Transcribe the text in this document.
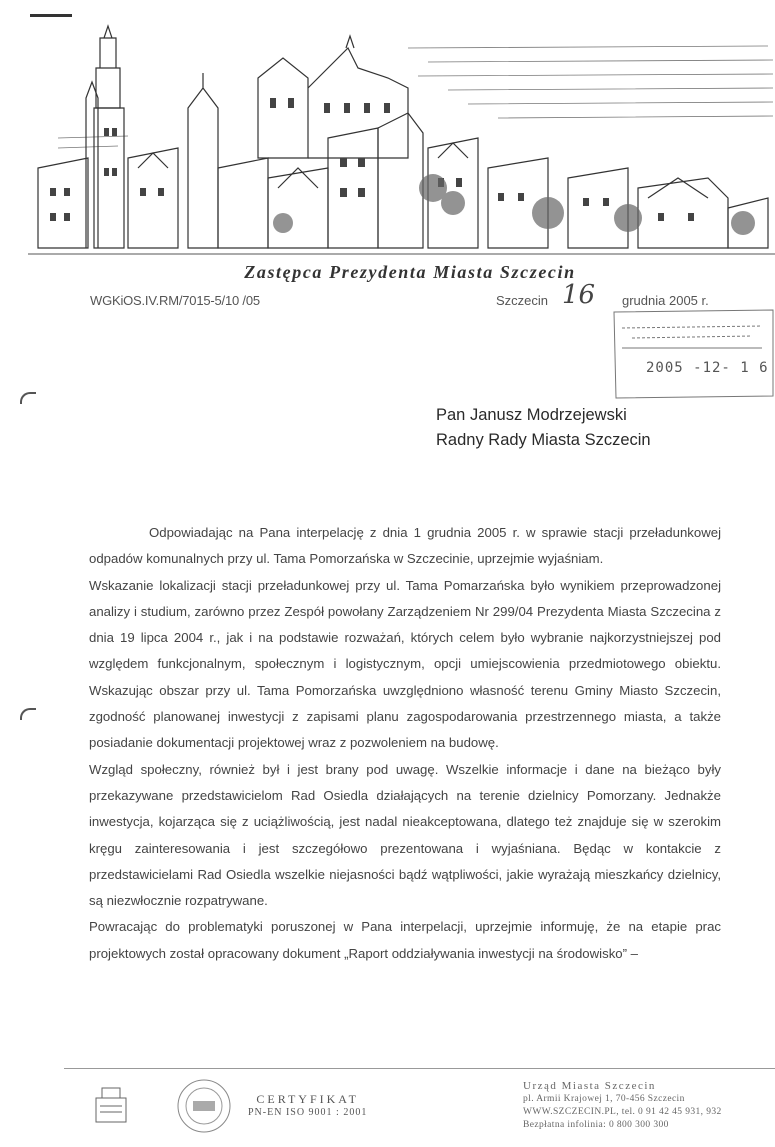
Zastępca Prezydenta Miasta Szczecin
WGKiOS.IV.RM/7015-5/10 /05	Szczecin 16 grudnia 2005 r.
2005 -12- 1 6
Pan Janusz Modrzejewski
Radny Rady Miasta Szczecin

Odpowiadając na Pana interpelację z dnia 1 grudnia 2005 r. w sprawie stacji przeładunkowej odpadów komunalnych przy ul. Tama Pomorzańska w Szczecinie, uprzejmie wyjaśniam.

Wskazanie lokalizacji stacji przeładunkowej przy ul. Tama Pomarzańska było wynikiem przeprowadzonej analizy i studium, zarówno przez Zespół powołany Zarządzeniem Nr 299/04 Prezydenta Miasta Szczecina z dnia 19 lipca 2004 r., jak i na podstawie rozważań, których celem było wybranie najkorzystniejszej pod względem funkcjonalnym, społecznym i logistycznym, opcji umiejscowienia przedmiotowego obiektu. Wskazując obszar przy ul. Tama Pomorzańska uwzględniono własność terenu Gminy Miasto Szczecin, zgodność planowanej inwestycji z zapisami planu zagospodarowania przestrzennego miasta, a także posiadanie dokumentacji projektowej wraz z pozwoleniem na budowę.

Wzgląd społeczny, również był i jest brany pod uwagę. Wszelkie informacje i dane na bieżąco były przekazywane przedstawicielom Rad Osiedla działających na terenie dzielnicy Pomorzany. Jednakże inwestycja, kojarząca się z uciążliwością, jest nadal nieakceptowana, dlatego też znajduje się w szerokim kręgu zainteresowania i jest szczegółowo prezentowana i wyjaśniana. Będąc w kontakcie z przedstawicielami Rad Osiedla wszelkie niejasności bądź wątpliwości, jakie wyrażają mieszkańcy dzielnicy, są niezwłocznie rozpatrywane.

Powracając do problematyki poruszonej w Pana interpelacji, uprzejmie informuję, że na etapie prac projektowych został opracowany dokument „Raport oddziaływania inwestycji na środowisko” –

CERTYFIKAT
PN-EN ISO 9001 : 2001
Urząd Miasta Szczecin
pl. Armii Krajowej 1, 70-456 Szczecin
WWW.SZCZECIN.PL, tel. 0 91 42 45 931, 932
Bezpłatna infolinia: 0 800 300 300
